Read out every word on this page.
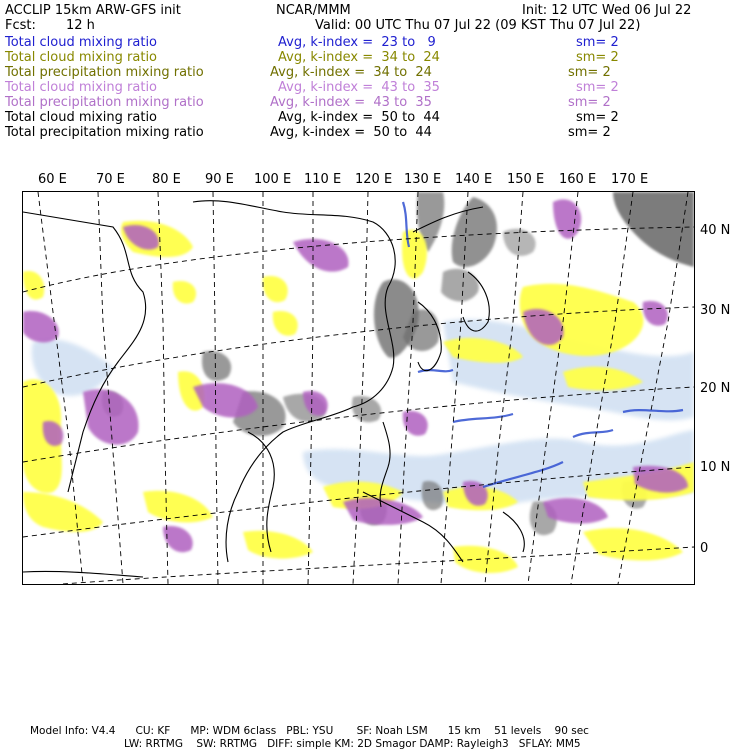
ACCLIP 15km ARW-GFS init	NCAR/MMM	Init: 12 UTC Wed 06 Jul 22
Fcst: 12 h	Valid: 00 UTC Thu 07 Jul 22 (09 KST Thu 07 Jul 22)
Total cloud mixing ratio	Avg, k-index =  23 to   9	sm= 2
Total cloud mixing ratio	Avg, k-index =  34 to  24	sm= 2
Total precipitation mixing ratio	Avg, k-index =  34 to  24	sm= 2
Total cloud mixing ratio	Avg, k-index =  43 to  35	sm= 2
Total precipitation mixing ratio	Avg, k-index =  43 to  35	sm= 2
Total cloud mixing ratio	Avg, k-index =  50 to  44	sm= 2
Total precipitation mixing ratio	Avg, k-index =  50 to  44	sm= 2
60 E 70 E 80 E 90 E 100 E 110 E 120 E 130 E 140 E 150 E 160 E 170 E
40 N
30 N
20 N
10 N
0

Model Info: V4.4      CU: KF      MP: WDM 6class   PBL: YSU       SF: Noah LSM      15 km    51 levels    90 sec

LW: RRTMG    SW: RRTMG   DIFF: simple KM: 2D Smagor DAMP: Rayleigh3   SFLAY: MM5
